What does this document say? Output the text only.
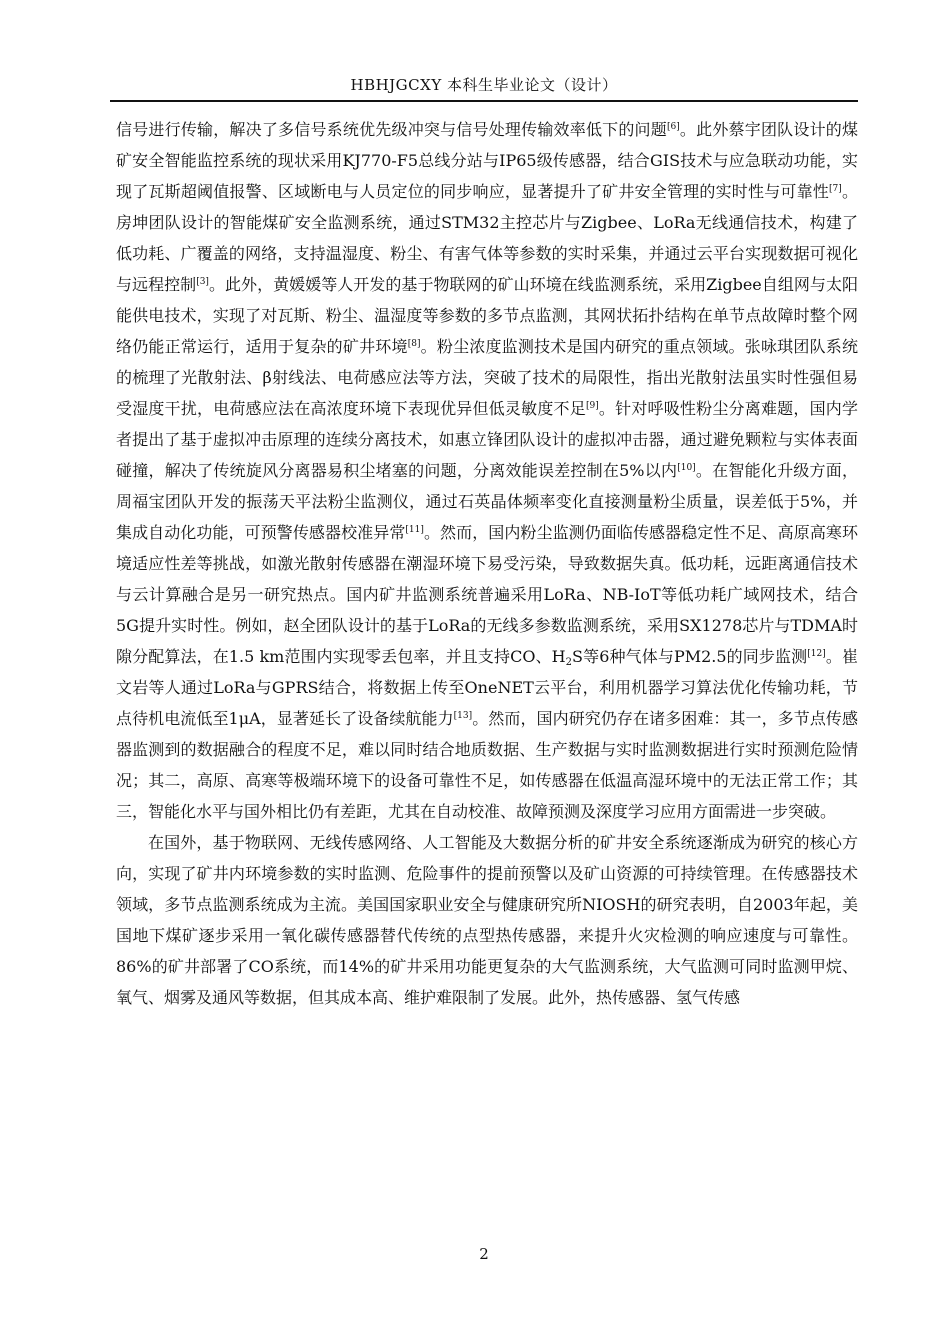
HBHJGCXY 本科生毕业论文（设计）

信号进行传输，解决了多信号系统优先级冲突与信号处理传输效率低下的问题[6]。此外蔡宇团队设计的煤矿安全智能监控系统的现状采用KJ770-F5总线分站与IP65级传感器，结合GIS技术与应急联动功能，实现了瓦斯超阈值报警、区域断电与人员定位的同步响应，显著提升了矿井安全管理的实时性与可靠性[7]。房坤团队设计的智能煤矿安全监测系统，通过STM32主控芯片与Zigbee、LoRa无线通信技术，构建了低功耗、广覆盖的网络，支持温湿度、粉尘、有害气体等参数的实时采集，并通过云平台实现数据可视化与远程控制[3]。此外，黄媛媛等人开发的基于物联网的矿山环境在线监测系统，采用Zigbee自组网与太阳能供电技术，实现了对瓦斯、粉尘、温湿度等参数的多节点监测，其网状拓扑结构在单节点故障时整个网络仍能正常运行，适用于复杂的矿井环境[8]。粉尘浓度监测技术是国内研究的重点领域。张咏琪团队系统的梳理了光散射法、β射线法、电荷感应法等方法，突破了技术的局限性，指出光散射法虽实时性强但易受湿度干扰，电荷感应法在高浓度环境下表现优异但低灵敏度不足[9]。针对呼吸性粉尘分离难题，国内学者提出了基于虚拟冲击原理的连续分离技术，如惠立锋团队设计的虚拟冲击器，通过避免颗粒与实体表面碰撞，解决了传统旋风分离器易积尘堵塞的问题，分离效能误差控制在5%以内[10]。在智能化升级方面，周福宝团队开发的振荡天平法粉尘监测仪，通过石英晶体频率变化直接测量粉尘质量，误差低于5%，并集成自动化功能，可预警传感器校准异常[11]。然而，国内粉尘监测仍面临传感器稳定性不足、高原高寒环境适应性差等挑战，如激光散射传感器在潮湿环境下易受污染，导致数据失真。低功耗，远距离通信技术与云计算融合是另一研究热点。国内矿井监测系统普遍采用LoRa、NB-IoT等低功耗广域网技术，结合5G提升实时性。例如，赵全团队设计的基于LoRa的无线多参数监测系统，采用SX1278芯片与TDMA时隙分配算法，在1.5 km范围内实现零丢包率，并且支持CO、$H_2S$等6种气体与PM2.5的同步监测[12]。崔文岩等人通过LoRa与GPRS结合，将数据上传至OneNET云平台，利用机器学习算法优化传输功耗，节点待机电流低至1μA，显著延长了设备续航能力[13]。然而，国内研究仍存在诸多困难：其一，多节点传感器监测到的数据融合的程度不足，难以同时结合地质数据、生产数据与实时监测数据进行实时预测危险情况；其二，高原、高寒等极端环境下的设备可靠性不足，如传感器在低温高湿环境中的无法正常工作；其三，智能化水平与国外相比仍有差距，尤其在自动校准、故障预测及深度学习应用方面需进一步突破。

在国外，基于物联网、无线传感网络、人工智能及大数据分析的矿井安全系统逐渐成为研究的核心方向，实现了矿井内环境参数的实时监测、危险事件的提前预警以及矿山资源的可持续管理。在传感器技术领域，多节点监测系统成为主流。美国国家职业安全与健康研究所NIOSH的研究表明，自2003年起，美国地下煤矿逐步采用一氧化碳传感器替代传统的点型热传感器，来提升火灾检测的响应速度与可靠性。86%的矿井部署了CO系统，而14%的矿井采用功能更复杂的大气监测系统，大气监测可同时监测甲烷、氧气、烟雾及通风等数据，但其成本高、维护难限制了发展。此外，热传感器、氢气传感

2
